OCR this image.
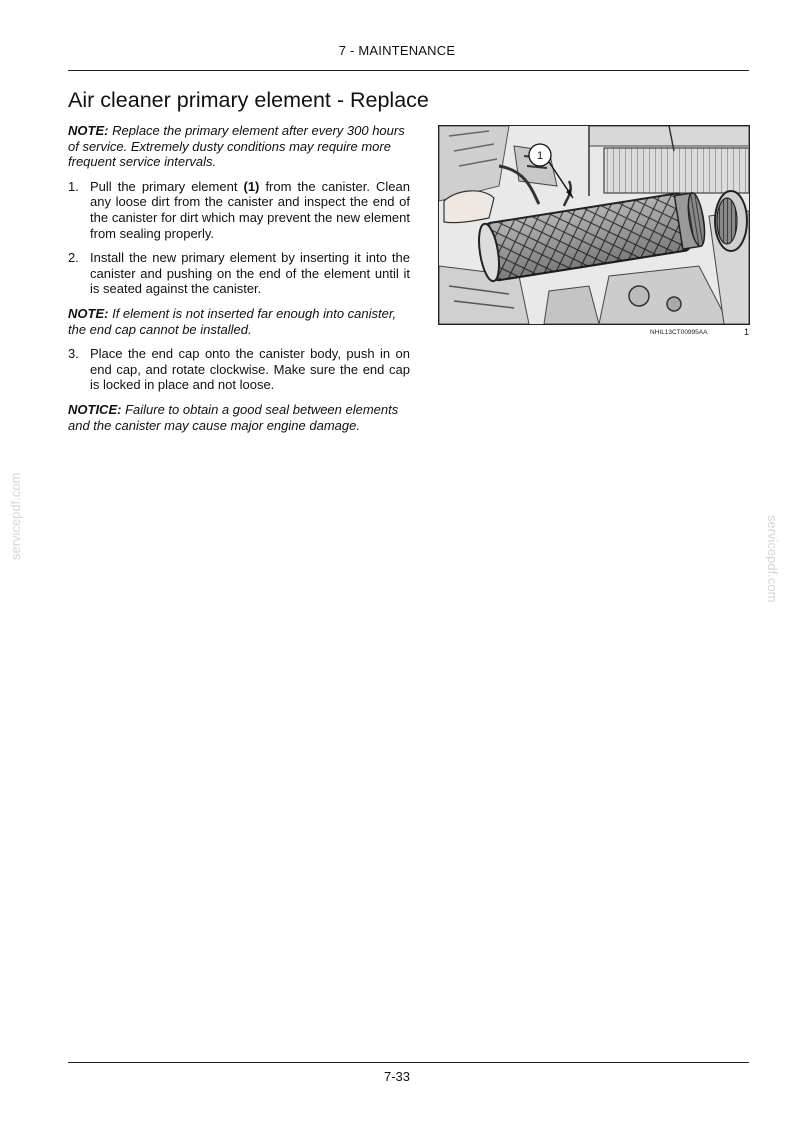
7 - MAINTENANCE
Air cleaner primary element - Replace

NOTE: Replace the primary element after every 300 hours of service. Extremely dusty conditions may require more frequent service intervals.

1. Pull the primary element (1) from the canister. Clean any loose dirt from the canister and inspect the end of the canister for dirt which may prevent the new element from sealing properly.
2. Install the new primary element by inserting it into the canister and pushing on the end of the element until it is seated against the canister.

NOTE: If element is not inserted far enough into canister, the end cap cannot be installed.

3. Place the end cap onto the canister body, push in on end cap, and rotate clockwise. Make sure the end cap is locked in place and not loose.

NOTICE: Failure to obtain a good seal between elements and the canister may cause major engine damage.

1
NHIL13CT00995AA	1
servicepdf.com	servicepdf.com
7-33
